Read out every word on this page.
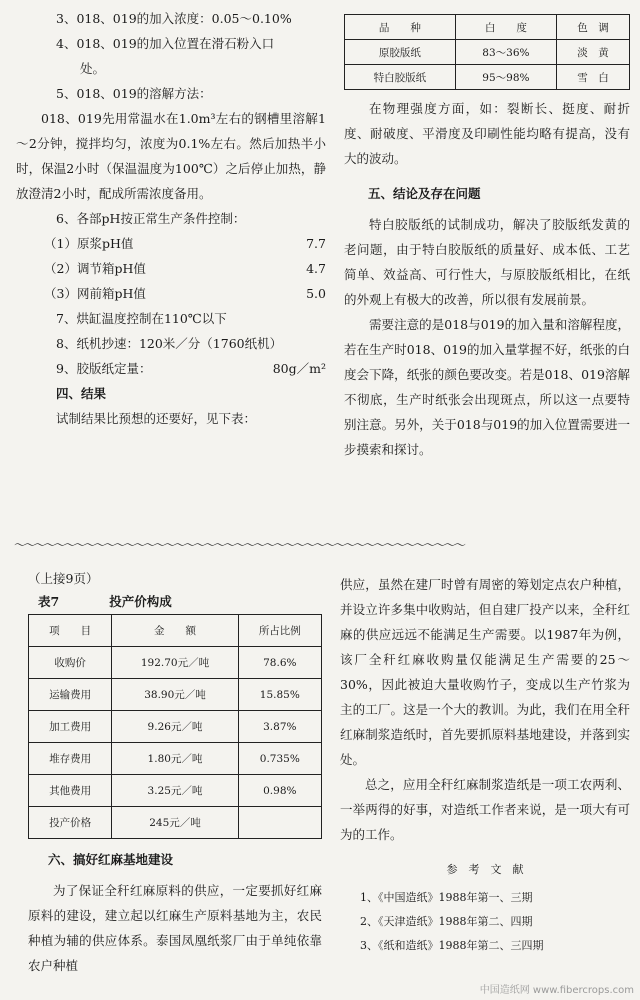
3、018、019的加入浓度：0.05～0.10%

4、018、019的加入位置在滑石粉入口

处。

5、018、019的溶解方法：

018、019先用常温水在1.0m³左右的钢槽里溶解1～2分钟，搅拌均匀，浓度为0.1%左右。然后加热半小时，保温2小时（保温温度为100℃）之后停止加热，静放澄清2小时，配成所需浓度备用。

6、各部pH按正常生产条件控制：

（1）原浆pH值	7.7
（2）调节箱pH值	4.7
（3）网前箱pH值	5.0

7、烘缸温度控制在110℃以下

8、纸机抄速：120米／分（1760纸机）

9、胶版纸定量：	80g／m²

四、结果

试制结果比预想的还要好，见下表：

品　　种	白　　度	色　调
原胶版纸	83～36%	淡　黄
特白胶版纸	95～98%	雪　白

在物理强度方面，如：裂断长、挺度、耐折度、耐破度、平滑度及印刷性能均略有提高，没有大的波动。

五、结论及存在问题

特白胶版纸的试制成功，解决了胶版纸发黄的老问题，由于特白胶版纸的质量好、成本低、工艺简单、效益高、可行性大，与原胶版纸相比，在纸的外观上有极大的改善，所以很有发展前景。

需要注意的是018与019的加入量和溶解程度，若在生产时018、019的加入量掌握不好，纸张的白度会下降，纸张的颜色要改变。若是018、019溶解不彻底，生产时纸张会出现斑点，所以这一点要特别注意。另外，关于018与019的加入位置需要进一步摸索和探讨。

～～～～～～～～～～～～～～～～～～～～～～～～～～～～～～～～～～～～～～～～～～～～～

（上接9页）

表7　　　　投产价构成

项　　目	金　　额	所占比例
收购价	192.70元／吨	78.6%
运输费用	38.90元／吨	15.85%
加工费用	9.26元／吨	3.87%
堆存费用	1.80元／吨	0.735%
其他费用	3.25元／吨	0.98%
投产价格	245元／吨	

六、搞好红麻基地建设

为了保证全秆红麻原料的供应，一定要抓好红麻原料的建设，建立起以红麻生产原料基地为主，农民种植为辅的供应体系。泰国凤凰纸浆厂由于单纯依靠农户种植

供应，虽然在建厂时曾有周密的筹划定点农户种植，并设立许多集中收购站，但自建厂投产以来，全秆红麻的供应远远不能满足生产需要。以1987年为例，该厂全秆红麻收购量仅能满足生产需要的25～30%，因此被迫大量收购竹子，变成以生产竹浆为主的工厂。这是一个大的教训。为此，我们在用全秆红麻制浆造纸时，首先要抓原料基地建设，并落到实处。

总之，应用全秆红麻制浆造纸是一项工农两利、一举两得的好事，对造纸工作者来说，是一项大有可为的工作。

参　考　文　献

1、《中国造纸》1988年第一、三期

2、《天津造纸》1988年第二、四期

3、《纸和造纸》1988年第二、三四期

中国造纸网 www.fibercrops.com
